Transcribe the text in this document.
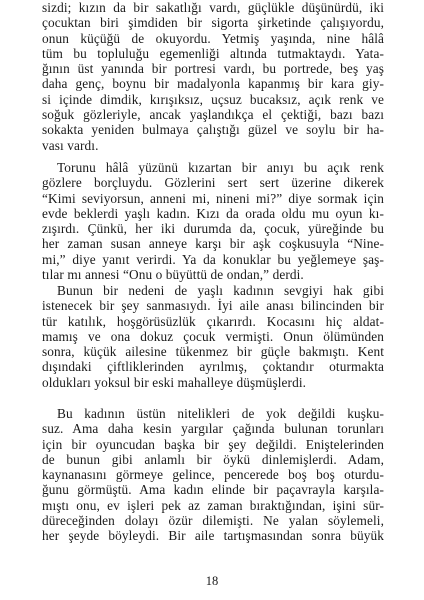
sizdi; kızın da bir sakatlığı vardı, güçlükle düşünürdü, iki
çocuktan biri şimdiden bir sigorta şirketinde çalışıyordu,
onun küçüğü de okuyordu. Yetmiş yaşında, nine hâlâ
tüm bu topluluğu egemenliği altında tutmaktaydı. Yata-
ğının üst yanında bir portresi vardı, bu portrede, beş yaş
daha genç, boynu bir madalyonla kapanmış bir kara giy-
si içinde dimdik, kırışıksız, uçsuz bucaksız, açık renk ve
soğuk gözleriyle, ancak yaşlandıkça el çektiği, bazı bazı
sokakta yeniden bulmaya çalıştığı güzel ve soylu bir ha-
vası vardı.
Torunu hâlâ yüzünü kızartan bir anıyı bu açık renk
gözlere borçluydu. Gözlerini sert sert üzerine dikerek
“Kimi seviyorsun, anneni mi, nineni mi?” diye sormak için
evde beklerdi yaşlı kadın. Kızı da orada oldu mu oyun kı-
zışırdı. Çünkü, her iki durumda da, çocuk, yüreğinde bu
her zaman susan anneye karşı bir aşk coşkusuyla “Nine-
mi,” diye yanıt verirdi. Ya da konuklar bu yeğlemeye şaş-
tılar mı annesi “Onu o büyüttü de ondan,” derdi.
Bunun bir nedeni de yaşlı kadının sevgiyi hak gibi
istenecek bir şey sanmasıydı. İyi aile anası bilincinden bir
tür katılık, hoşgörüsüzlük çıkarırdı. Kocasını hiç aldat-
mamış ve ona dokuz çocuk vermişti. Onun ölümünden
sonra, küçük ailesine tükenmez bir güçle bakmıştı. Kent
dışındaki çiftliklerinden ayrılmış, çoktandır oturmakta
oldukları yoksul bir eski mahalleye düşmüşlerdi.
Bu kadının üstün nitelikleri de yok değildi kuşku-
suz. Ama daha kesin yargılar çağında bulunan torunları
için bir oyuncudan başka bir şey değildi. Eniştelerinden
de bunun gibi anlamlı bir öykü dinlemişlerdi. Adam,
kaynanasını görmeye gelince, pencerede boş boş oturdu-
ğunu görmüştü. Ama kadın elinde bir paçavrayla karşıla-
mıştı onu, ev işleri pek az zaman bıraktığından, işini sür-
düreceğinden dolayı özür dilemişti. Ne yalan söylemeli,
her şeyde böyleydi. Bir aile tartışmasından sonra büyük
18
